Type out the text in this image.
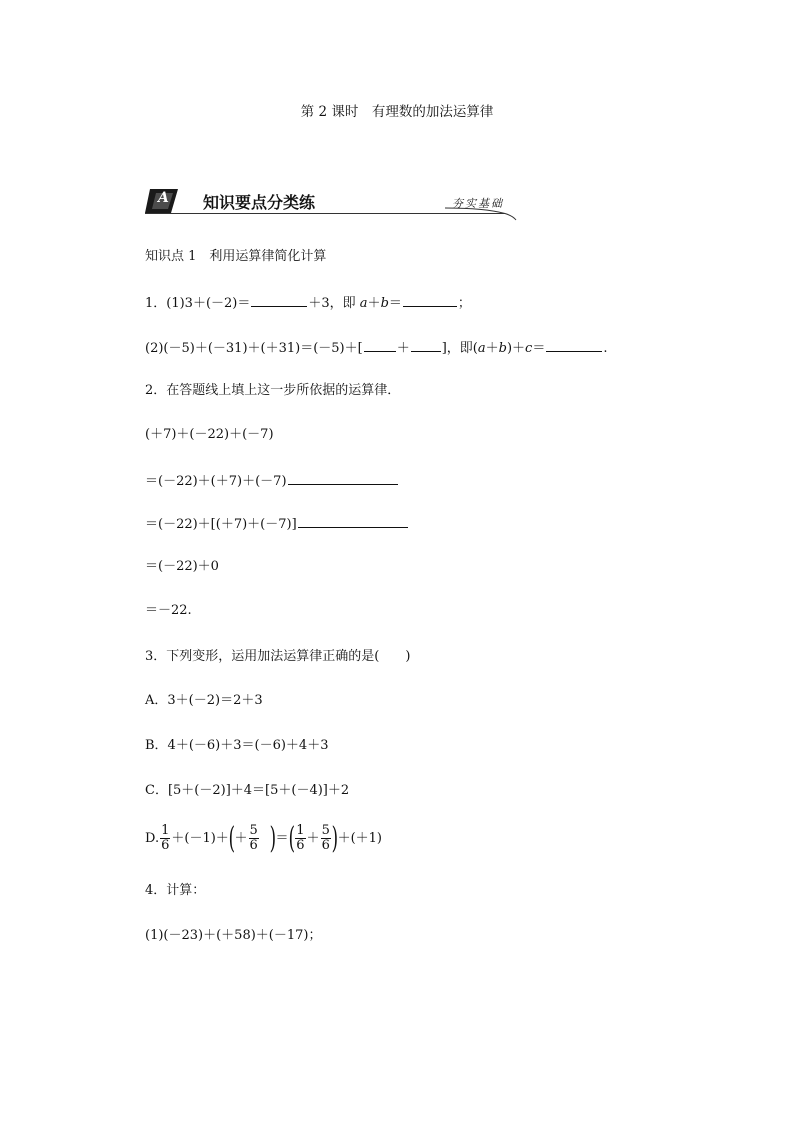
第 2 课时　有理数的加法运算律
A 知识要点分类练	夯实基础
知识点 1　利用运算律简化计算
1．(1)3＋(－2)＝	＋3，即 a＋b＝	；
(2)(－5)＋(－31)＋(＋31)＝(－5)＋[	＋ ]，即(a＋b)＋c＝	.
2．在答题线上填上这一步所依据的运算律．
(＋7)＋(－22)＋(－7)
＝(－22)＋(＋7)＋(－7)
＝(－22)＋[(＋7)＋(－7)]
＝(－22)＋0
＝－22.
3．下列变形，运用加法运算律正确的是(　　)
A．3＋(－2)＝2＋3
B．4＋(－6)＋3＝(－6)＋4＋3
C．[5＋(－2)]＋4＝[5＋(－4)]＋2
D. $\frac{1}{6} +(-1)+(+ \frac{5}{6}$ )＝( $\frac{1}{6} + \frac{5}{6} )+(+1)$
4．计算：
(1)(－23)＋(＋58)＋(－17)；
